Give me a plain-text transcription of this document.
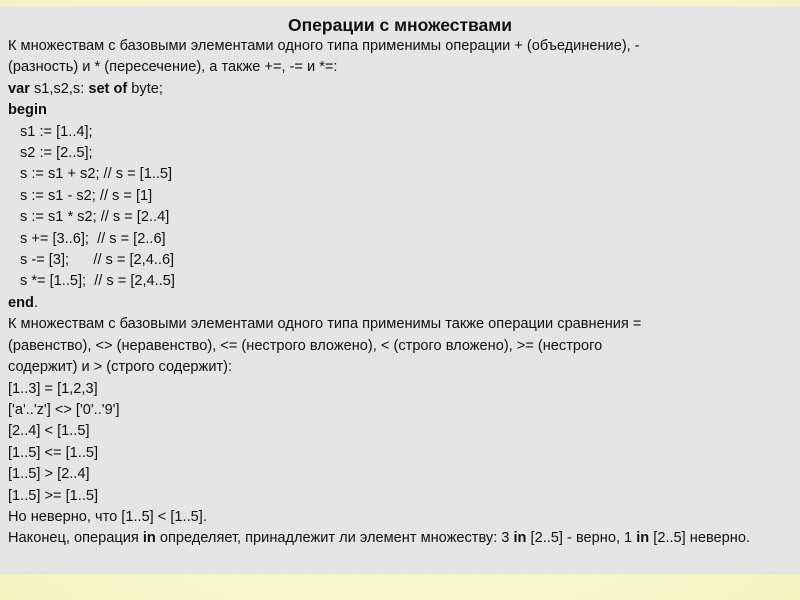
Операции с множествами
К множествам с базовыми элементами одного типа применимы операции + (объединение), -
(разность) и * (пересечение), а также +=, -= и *=:
var s1,s2,s: set of byte;
begin
s1 := [1..4];
s2 := [2..5];
s := s1 + s2; // s = [1..5]
s := s1 - s2; // s = [1]
s := s1 * s2; // s = [2..4]
s += [3..6];  // s = [2..6]
s -= [3];      // s = [2,4..6]
s *= [1..5];  // s = [2,4..5]
end.
К множествам с базовыми элементами одного типа применимы также операции сравнения =
(равенство), <> (неравенство), <= (нестрого вложено), < (строго вложено), >= (нестрого
содержит) и > (строго содержит):
[1..3] = [1,2,3]
['a'..'z'] <> ['0'..'9']
[2..4] < [1..5]
[1..5] <= [1..5]
[1..5] > [2..4]
[1..5] >= [1..5]
Но неверно, что [1..5] < [1..5].
Наконец, операция in определяет, принадлежит ли элемент множеству: 3 in [2..5] - верно, 1 in [2..5] неверно.
